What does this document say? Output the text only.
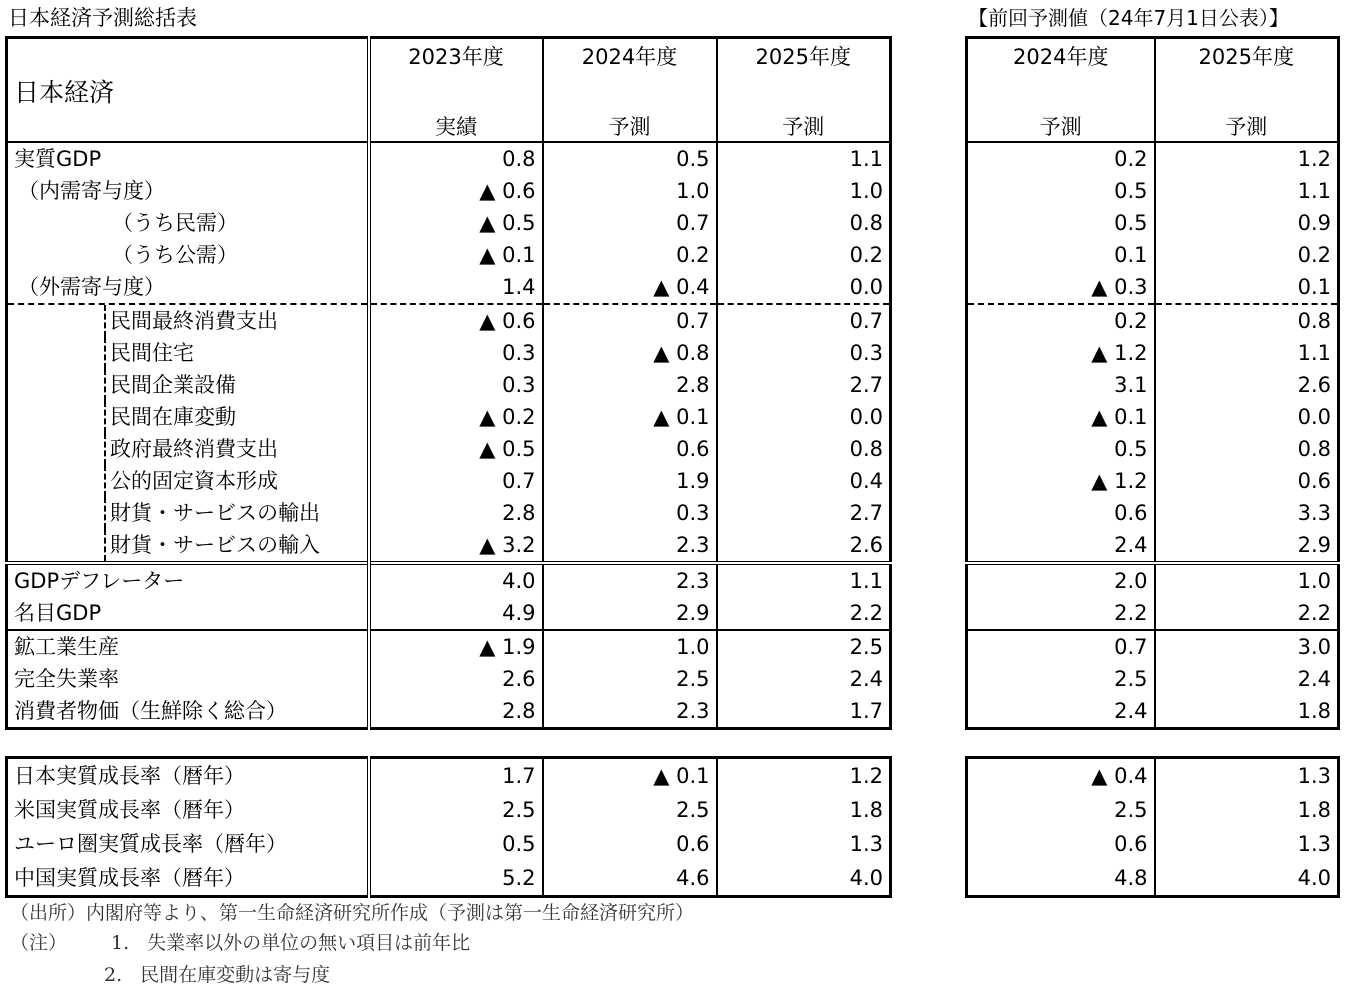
日本経済予測総括表	【前回予測値（24年7月1日公表）】
日本経済	2023年度	2024年度	2025年度
	実績	予測	予測
実質GDP	0.8	0.5	1.1
（内需寄与度）	▲ 0.6	1.0	1.0
（うち民需）	▲ 0.5	0.7	0.8
（うち公需）	▲ 0.1	0.2	0.2
（外需寄与度）	1.4	▲ 0.4	0.0
民間最終消費支出	▲ 0.6	0.7	0.7
民間住宅	0.3	▲ 0.8	0.3
民間企業設備	0.3	2.8	2.7
民間在庫変動	▲ 0.2	▲ 0.1	0.0
政府最終消費支出	▲ 0.5	0.6	0.8
公的固定資本形成	0.7	1.9	0.4
財貨・サービスの輸出	2.8	0.3	2.7
財貨・サービスの輸入	▲ 3.2	2.3	2.6
GDPデフレーター	4.0	2.3	1.1
名目GDP	4.9	2.9	2.2
鉱工業生産	▲ 1.9	1.0	2.5
完全失業率	2.6	2.5	2.4
消費者物価（生鮮除く総合）	2.8	2.3	1.7
2024年度	2025年度
予測	予測
0.2	1.2
0.5	1.1
0.5	0.9
0.1	0.2
▲ 0.3	0.1
0.2	0.8
▲ 1.2	1.1
3.1	2.6
▲ 0.1	0.0
0.5	0.8
▲ 1.2	0.6
0.6	3.3
2.4	2.9
2.0	1.0
2.2	2.2
0.7	3.0
2.5	2.4
2.4	1.8
日本実質成長率（暦年）	1.7	▲ 0.1	1.2
米国実質成長率（暦年）	2.5	2.5	1.8
ユーロ圏実質成長率（暦年）	0.5	0.6	1.3
中国実質成長率（暦年）	5.2	4.6	4.0
▲ 0.4	1.3
2.5	1.8
0.6	1.3
4.8	4.0
（出所）内閣府等より、第一生命経済研究所作成（予測は第一生命経済研究所）
（注） 1. 失業率以外の単位の無い項目は前年比
2. 民間在庫変動は寄与度
